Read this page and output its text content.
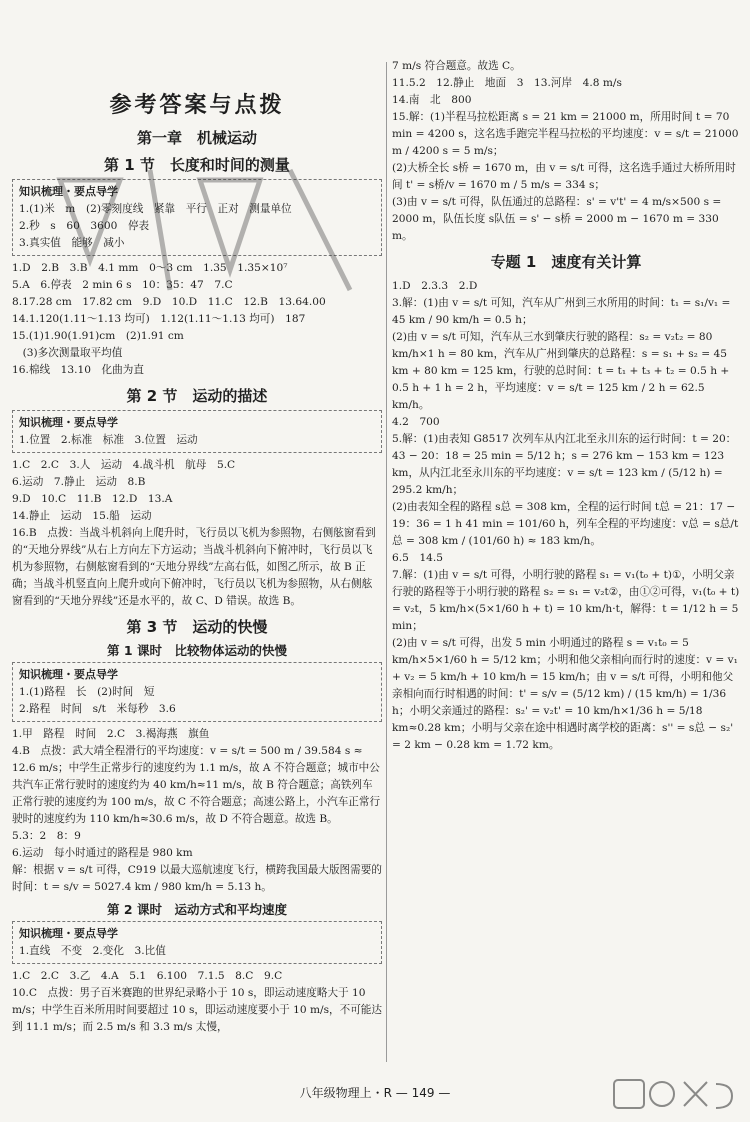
参考答案与点拨
第一章　机械运动
第 1 节　长度和时间的测量
知识梳理・要点导学
1.(1)米　m　(2)零刻度线　紧靠　平行　正对　测量单位
2.秒　s　60　3600　停表
3.真实值　能够　减小
1.D　2.B　3.B　4.1 mm　0～3 cm　1.35　1.35×10⁷
5.A　6.停表　2 min 6 s　10：35：47　7.C
8.17.28 cm　17.82 cm　9.D　10.D　11.C　12.B　13.64.00
14.1.120(1.11～1.13 均可)　1.12(1.11～1.13 均可)　187
15.(1)1.90(1.91)cm　(2)1.91 cm
　(3)多次测量取平均值
16.棉线　13.10　化曲为直
第 2 节　运动的描述
知识梳理・要点导学
1.位置　2.标准　标准　3.位置　运动
1.C　2.C　3.人　运动　4.战斗机　航母　5.C
6.运动　7.静止　运动　8.B
9.D　10.C　11.B　12.D　13.A
14.静止　运动　15.船　运动
16.B　点拨：当战斗机斜向上爬升时，飞行员以飞机为参照物，右侧舷窗看到的“天地分界线”从右上方向左下方运动；当战斗机斜向下俯冲时，飞行员以飞机为参照物，右侧舷窗看到的“天地分界线”左高右低，如图乙所示，故 B 正确；当战斗机竖直向上爬升或向下俯冲时，飞行员以飞机为参照物，从右侧舷窗看到的“天地分界线”还是水平的，故 C、D 错误。故选 B。
第 3 节　运动的快慢
第 1 课时　比较物体运动的快慢
知识梳理・要点导学
1.(1)路程　长　(2)时间　短
2.路程　时间　s/t　米每秒　3.6
1.甲　路程　时间　2.C　3.褐海燕　旗鱼
4.B　点拨：武大靖全程滑行的平均速度：v = s/t = 500 m / 39.584 s ≈ 12.6 m/s；中学生正常步行的速度约为 1.1 m/s，故 A 不符合题意；城市中公共汽车正常行驶时的速度约为 40 km/h≈11 m/s，故 B 符合题意；高铁列车正常行驶的速度约为 100 m/s，故 C 不符合题意；高速公路上，小汽车正常行驶时的速度约为 110 km/h≈30.6 m/s，故 D 不符合题意。故选 B。
5.3：2　8：9
6.运动　每小时通过的路程是 980 km
解：根据 v = s/t 可得，C919 以最大巡航速度飞行，横跨我国最大版图需要的时间：t = s/v = 5027.4 km / 980 km/h = 5.13 h。
第 2 课时　运动方式和平均速度
知识梳理・要点导学
1.直线　不变　2.变化　3.比值
1.C　2.C　3.乙　4.A　5.1　6.100　7.1.5　8.C　9.C
10.C　点拨：男子百米赛跑的世界纪录略小于 10 s，即运动速度略大于 10 m/s；中学生百米所用时间要超过 10 s，即运动速度要小于 10 m/s，不可能达到 11.1 m/s；而 2.5 m/s 和 3.3 m/s 太慢，
7 m/s 符合题意。故选 C。
11.5.2　12.静止　地面　3　13.河岸　4.8 m/s
14.南　北　800
15.解：(1)半程马拉松距离 s = 21 km = 21000 m，所用时间 t = 70 min = 4200 s，这名选手跑完半程马拉松的平均速度：v = s/t = 21000 m / 4200 s = 5 m/s；
(2)大桥全长 s桥 = 1670 m，由 v = s/t 可得，这名选手通过大桥所用时间 t' = s桥/v = 1670 m / 5 m/s = 334 s；
(3)由 v = s/t 可得，队伍通过的总路程：s' = v't' = 4 m/s×500 s = 2000 m，队伍长度 s队伍 = s' − s桥 = 2000 m − 1670 m = 330 m。
专题 1　速度有关计算
1.D　2.3.3　2.D
3.解：(1)由 v = s/t 可知，汽车从广州到三水所用的时间：t₁ = s₁/v₁ = 45 km / 90 km/h = 0.5 h；
(2)由 v = s/t 可知，汽车从三水到肇庆行驶的路程：s₂ = v₂t₂ = 80 km/h×1 h = 80 km，汽车从广州到肇庆的总路程：s = s₁ + s₂ = 45 km + 80 km = 125 km，行驶的总时间：t = t₁ + t₃ + t₂ = 0.5 h + 0.5 h + 1 h = 2 h，平均速度：v = s/t = 125 km / 2 h = 62.5 km/h。
4.2　700
5.解：(1)由表知 G8517 次列车从内江北至永川东的运行时间：t = 20：43 − 20：18 = 25 min = 5/12 h；s = 276 km − 153 km = 123 km，从内江北至永川东的平均速度：v = s/t = 123 km / (5/12 h) = 295.2 km/h；
(2)由表知全程的路程 s总 = 308 km，全程的运行时间 t总 = 21：17 − 19：36 = 1 h 41 min = 101/60 h，列车全程的平均速度：v总 = s总/t总 = 308 km / (101/60 h) ≈ 183 km/h。
6.5　14.5
7.解：(1)由 v = s/t 可得，小明行驶的路程 s₁ = v₁(t₀ + t)①，小明父亲行驶的路程等于小明行驶的路程 s₂ = s₁ = v₂t②，由①②可得，v₁(t₀ + t) = v₂t，5 km/h×(5×1/60 h + t) = 10 km/h·t，解得：t = 1/12 h = 5 min；
(2)由 v = s/t 可得，出发 5 min 小明通过的路程 s = v₁t₀ = 5 km/h×5×1/60 h = 5/12 km；小明和他父亲相向而行时的速度：v = v₁ + v₂ = 5 km/h + 10 km/h = 15 km/h；由 v = s/t 可得，小明和他父亲相向而行时相遇的时间：t' = s/v = (5/12 km) / (15 km/h) = 1/36 h；小明父亲通过的路程：s₂' = v₂t' = 10 km/h×1/36 h = 5/18 km≈0.28 km；小明与父亲在途中相遇时离学校的距离：s'' = s总 − s₂' = 2 km − 0.28 km = 1.72 km。
八年级物理上・R — 149 —
